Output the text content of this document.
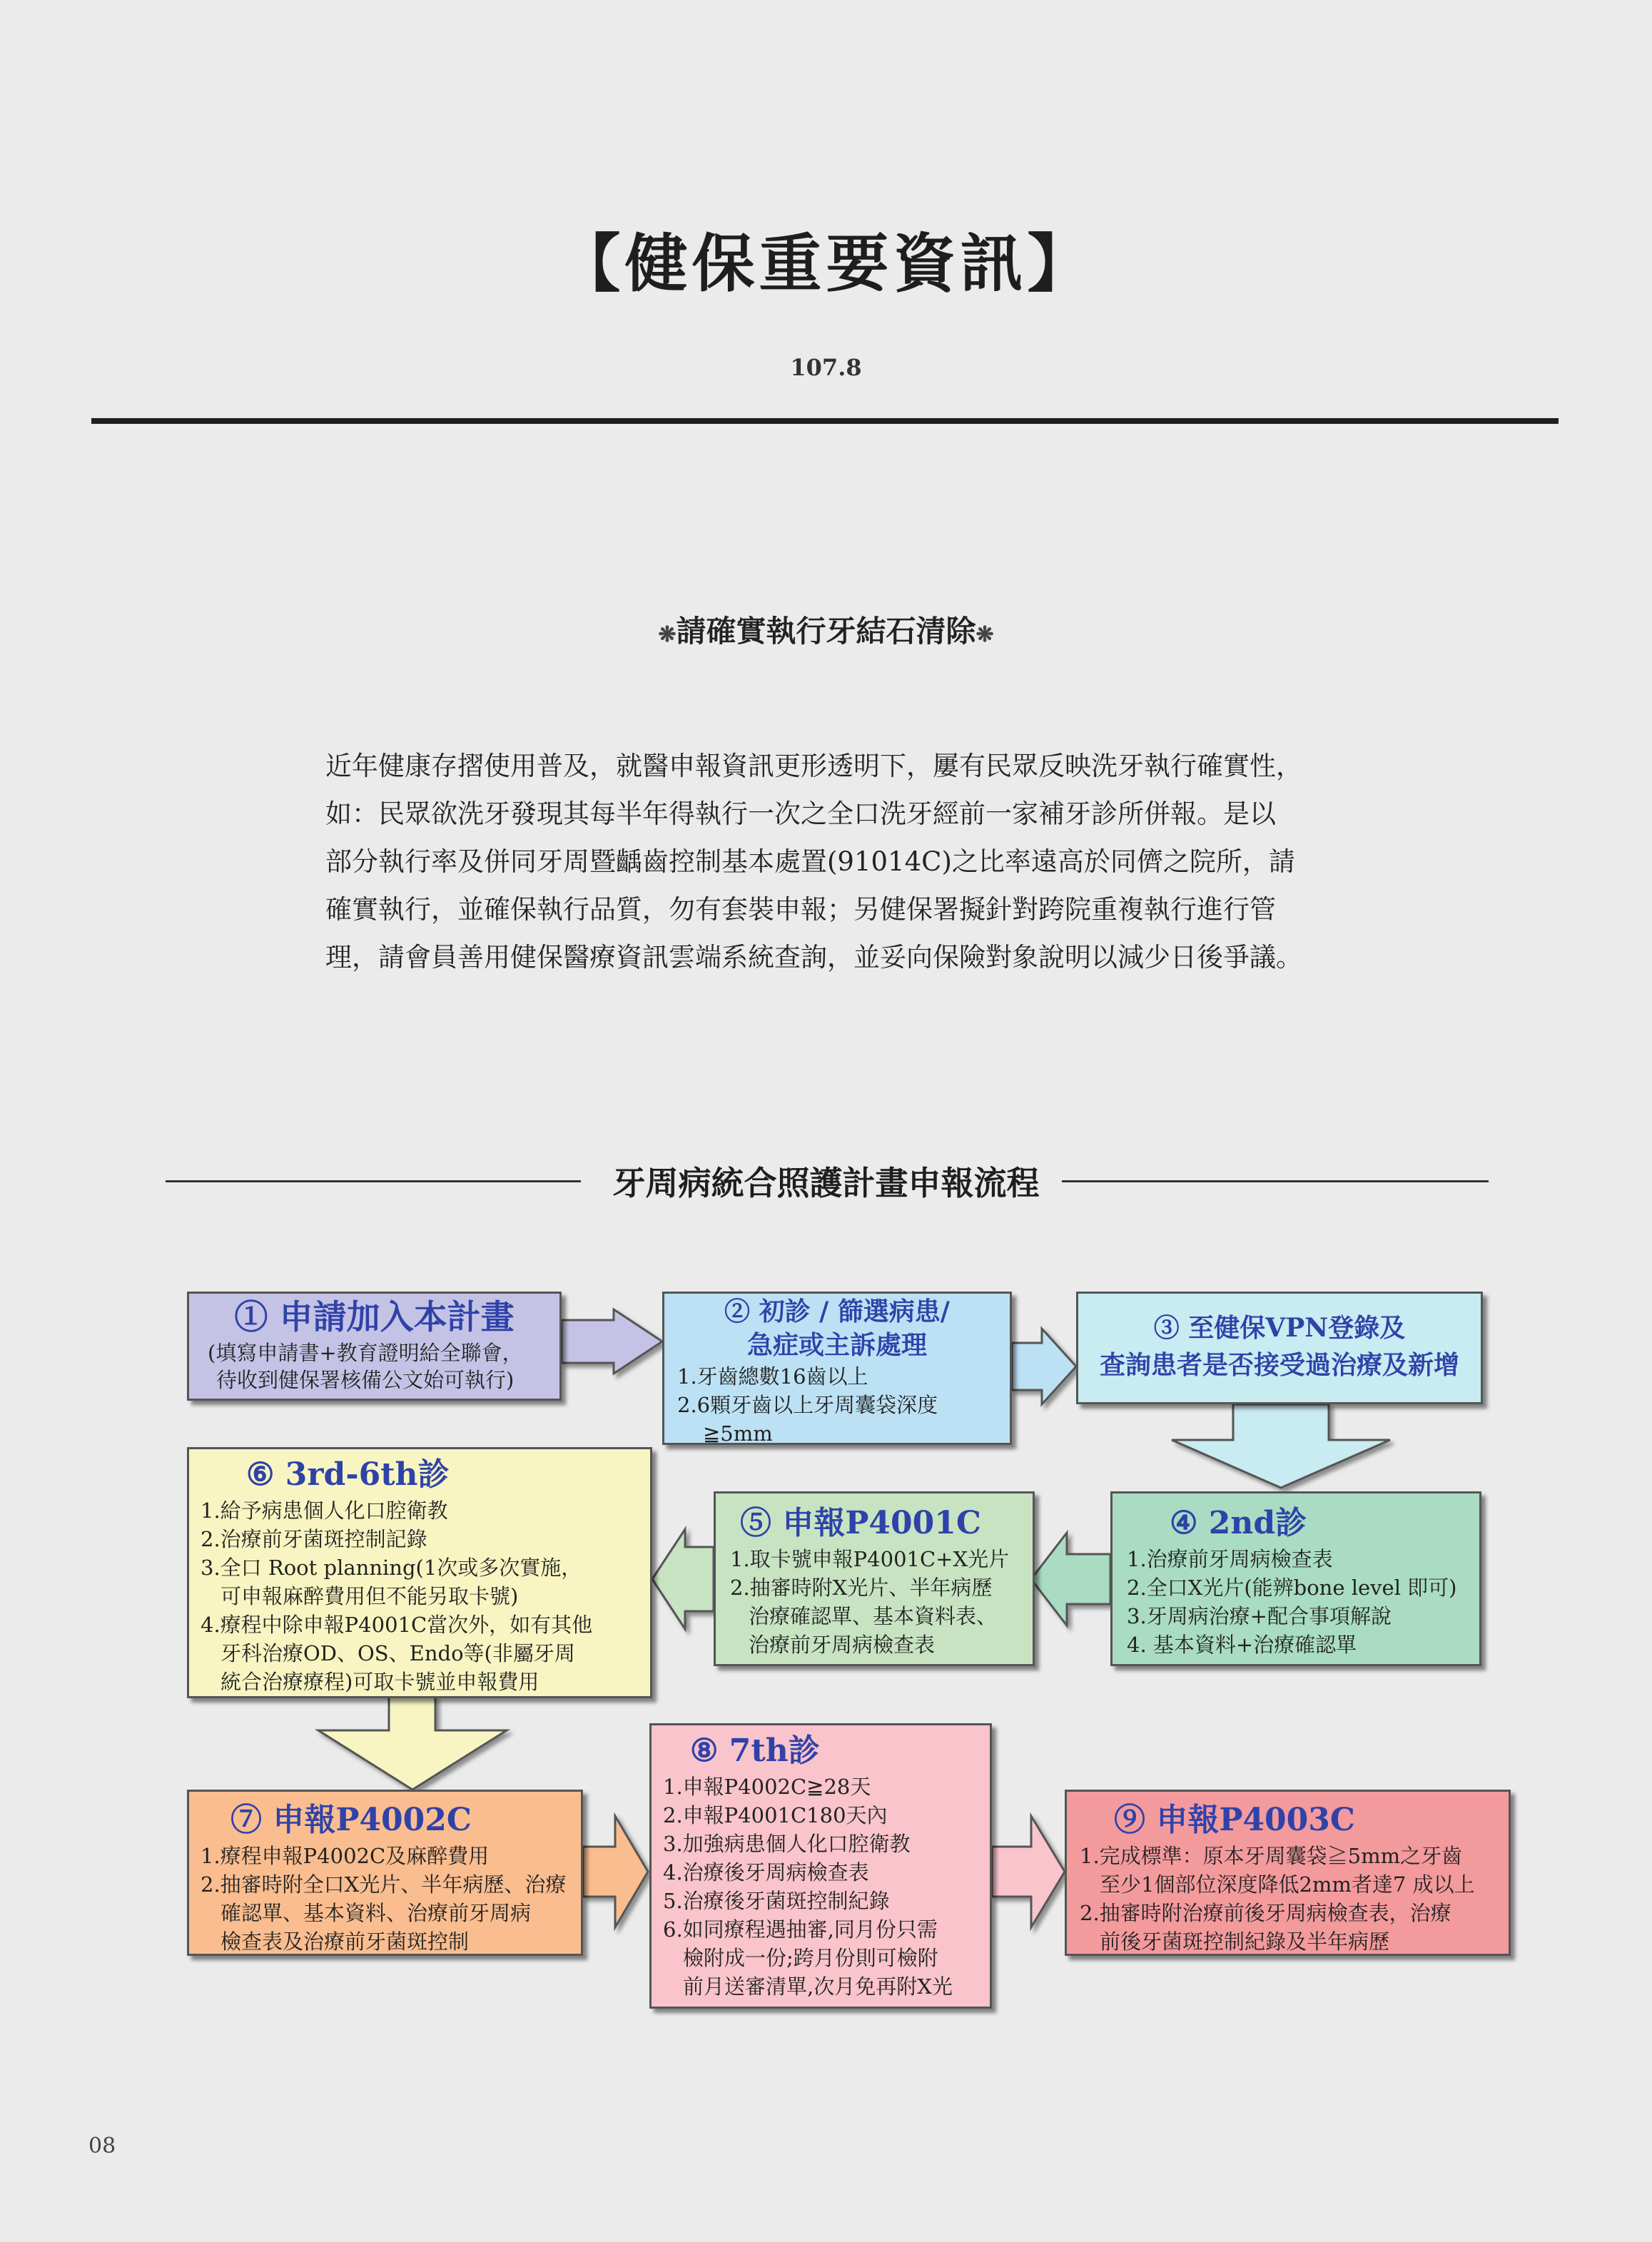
【健保重要資訊】
107.8
❋請確實執行牙結石清除❋

近年健康存摺使用普及，就醫申報資訊更形透明下，屢有民眾反映洗牙執行確實性，

如：民眾欲洗牙發現其每半年得執行一次之全口洗牙經前一家補牙診所併報。是以

部分執行率及併同牙周暨齲齒控制基本處置(91014C)之比率遠高於同儕之院所，請

確實執行，並確保執行品質，勿有套裝申報；另健保署擬針對跨院重複執行進行管

理，請會員善用健保醫療資訊雲端系統查詢，並妥向保險對象說明以減少日後爭議。

牙周病統合照護計畫申報流程
① 申請加入本計畫
(填寫申請書+教育證明給全聯會，
待收到健保署核備公文始可執行)
② 初診 / 篩選病患/
急症或主訴處理
1.牙齒總數16齒以上
2.6顆牙齒以上牙周囊袋深度
≧5mm
③ 至健保VPN登錄及
查詢患者是否接受過治療及新增
④ 2nd診
1.治療前牙周病檢查表
2.全口X光片(能辨bone level 即可)
3.牙周病治療+配合事項解說
4. 基本資料+治療確認單
⑤ 申報P4001C
1.取卡號申報P4001C+X光片
2.抽審時附X光片、半年病歷
治療確認單、基本資料表、
治療前牙周病檢查表
⑥ 3rd-6th診
1.給予病患個人化口腔衛教
2.治療前牙菌斑控制記錄
3.全口 Root planning(1次或多次實施，
可申報麻醉費用但不能另取卡號)
4.療程中除申報P4001C當次外，如有其他
牙科治療OD、OS、Endo等(非屬牙周
統合治療療程)可取卡號並申報費用
⑦ 申報P4002C
1.療程申報P4002C及麻醉費用
2.抽審時附全口X光片、半年病歷、治療
確認單、基本資料、治療前牙周病
檢查表及治療前牙菌斑控制
⑧ 7th診
1.申報P4002C≧28天
2.申報P4001C180天內
3.加強病患個人化口腔衛教
4.治療後牙周病檢查表
5.治療後牙菌斑控制紀錄
6.如同療程遇抽審,同月份只需
檢附成一份;跨月份則可檢附
前月送審清單,次月免再附X光
⑨ 申報P4003C
1.完成標準：原本牙周囊袋≧5mm之牙齒
至少1個部位深度降低2mm者達7 成以上
2.抽審時附治療前後牙周病檢查表，治療
前後牙菌斑控制紀錄及半年病歷
08
